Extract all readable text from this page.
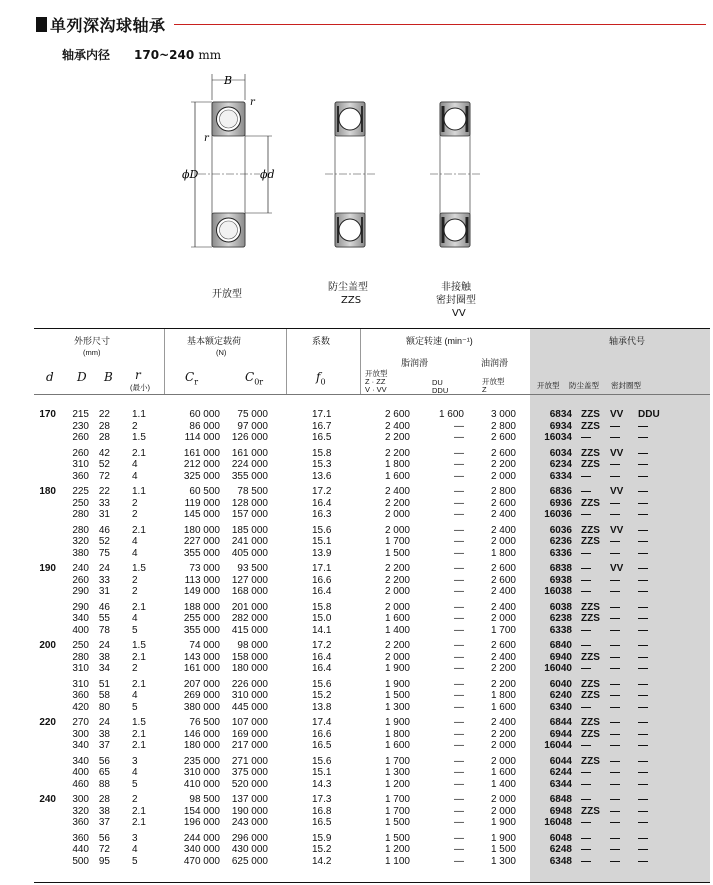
单列深沟球轴承
轴承内径 170~240 mm
B
r
r
ϕD	ϕd
开放型
防尘盖型
ZZS
非接触
密封圈型
VV
外形尺寸
(mm)
基本额定载荷
(N)
系数	额定转速 (min⁻¹)	轴承代号
d D B r
(最小)
$C_r$	$C_{0r}$	$f_0$
脂润滑	油润滑
开放型
Z · ZZ
V · VV
DU
DDU
开放型
Z	开放型 防尘盖型 密封圈型
170	215 22 1.1	60 000	75 000	17.1	2 600	1 600	3 000	6834 ZZS	VV	DDU
230 28 2	86 000	97 000	16.7	2 400	—	2 800	6934 ZZS	—	—
260 28 1.5	114 000	126 000	16.5	2 200	—	2 600	16034 —	—	—
260 42 2.1	161 000	161 000	15.8	2 200	—	2 600	6034 ZZS	VV	—
310 52 4	212 000	224 000	15.3	1 800	—	2 200	6234 ZZS	—	—
360 72 4	325 000	355 000	13.6	1 600	—	2 000	6334 —	—	—
180	225 22 1.1	60 500	78 500	17.2	2 400	—	2 800	6836 —	VV	—
250 33 2	119 000	128 000	16.4	2 200	—	2 600	6936 ZZS	—	—
280 31 2	145 000	157 000	16.3	2 000	—	2 400	16036 —	—	—
280 46 2.1	180 000	185 000	15.6	2 000	—	2 400	6036 ZZS	VV	—
320 52 4	227 000	241 000	15.1	1 700	—	2 000	6236 ZZS	—	—
380 75 4	355 000	405 000	13.9	1 500	—	1 800	6336 —	—	—
190	240 24 1.5	73 000	93 500	17.1	2 200	—	2 600	6838 —	VV	—
260 33 2	113 000	127 000	16.6	2 200	—	2 600	6938 —	—	—
290 31 2	149 000	168 000	16.4	2 000	—	2 400	16038 —	—	—
290 46 2.1	188 000	201 000	15.8	2 000	—	2 400	6038 ZZS	—	—
340 55 4	255 000	282 000	15.0	1 600	—	2 000	6238 ZZS	—	—
400 78 5	355 000	415 000	14.1	1 400	—	1 700	6338 —	—	—
200	250 24 1.5	74 000	98 000	17.2	2 200	—	2 600	6840 —	—	—
280 38 2.1	143 000	158 000	16.4	2 000	—	2 400	6940 ZZS	—	—
310 34 2	161 000	180 000	16.4	1 900	—	2 200	16040 —	—	—
310 51 2.1	207 000	226 000	15.6	1 900	—	2 200	6040 ZZS	—	—
360 58 4	269 000	310 000	15.2	1 500	—	1 800	6240 ZZS	—	—
420 80 5	380 000	445 000	13.8	1 300	—	1 600	6340 —	—	—
220	270 24 1.5	76 500	107 000	17.4	1 900	—	2 400	6844 ZZS	—	—
300 38 2.1	146 000	169 000	16.6	1 800	—	2 200	6944 ZZS	—	—
340 37 2.1	180 000	217 000	16.5	1 600	—	2 000	16044 —	—	—
340 56 3	235 000	271 000	15.6	1 700	—	2 000	6044 ZZS	—	—
400 65 4	310 000	375 000	15.1	1 300	—	1 600	6244 —	—	—
460 88 5	410 000	520 000	14.3	1 200	—	1 400	6344 —	—	—
240	300 28 2	98 500	137 000	17.3	1 700	—	2 000	6848 —	—	—
320 38 2.1	154 000	190 000	16.8	1 700	—	2 000	6948 ZZS	—	—
360 37 2.1	196 000	243 000	16.5	1 500	—	1 900	16048 —	—	—
360 56 3	244 000	296 000	15.9	1 500	—	1 900	6048 —	—	—
440 72 4	340 000	430 000	15.2	1 200	—	1 500	6248 —	—	—
500 95 5	470 000	625 000	14.2	1 100	—	1 300	6348 —	—	—
